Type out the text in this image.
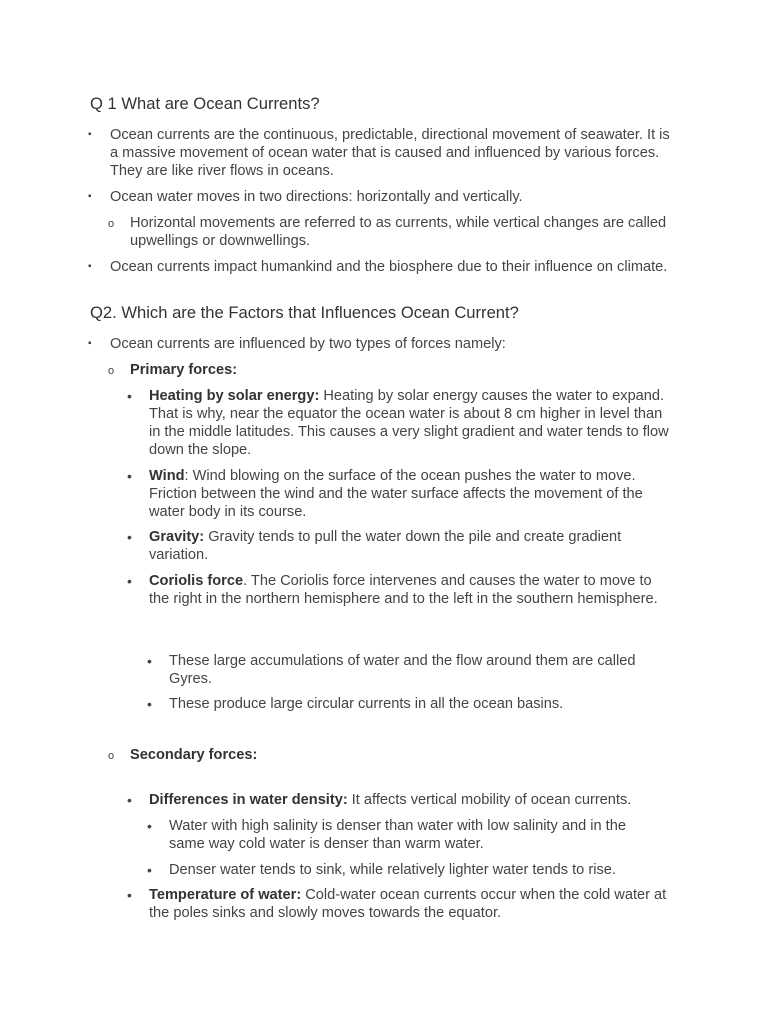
Q 1 What are Ocean Currents?

▪ Ocean currents are the continuous, predictable, directional movement of seawater. It is a massive movement of ocean water that is caused and influenced by various forces. They are like river flows in oceans.

▪ Ocean water moves in two directions: horizontally and vertically.

o Horizontal movements are referred to as currents, while vertical changes are called upwellings or downwellings.

▪ Ocean currents impact humankind and the biosphere due to their influence on climate.

Q2. Which are the Factors that Influences Ocean Current?

▪ Ocean currents are influenced by two types of forces namely:

o Primary forces:

• Heating by solar energy: Heating by solar energy causes the water to expand. That is why, near the equator the ocean water is about 8 cm higher in level than in the middle latitudes. This causes a very slight gradient and water tends to flow down the slope.

• Wind: Wind blowing on the surface of the ocean pushes the water to move. Friction between the wind and the water surface affects the movement of the water body in its course.

• Gravity: Gravity tends to pull the water down the pile and create gradient variation.

• Coriolis force. The Coriolis force intervenes and causes the water to move to the right in the northern hemisphere and to the left in the southern hemisphere.

• These large accumulations of water and the flow around them are called Gyres.

• These produce large circular currents in all the ocean basins.

o Secondary forces:

• Differences in water density: It affects vertical mobility of ocean currents.

• Water with high salinity is denser than water with low salinity and in the same way cold water is denser than warm water.

• Denser water tends to sink, while relatively lighter water tends to rise.

• Temperature of water: Cold-water ocean currents occur when the cold water at the poles sinks and slowly moves towards the equator.
